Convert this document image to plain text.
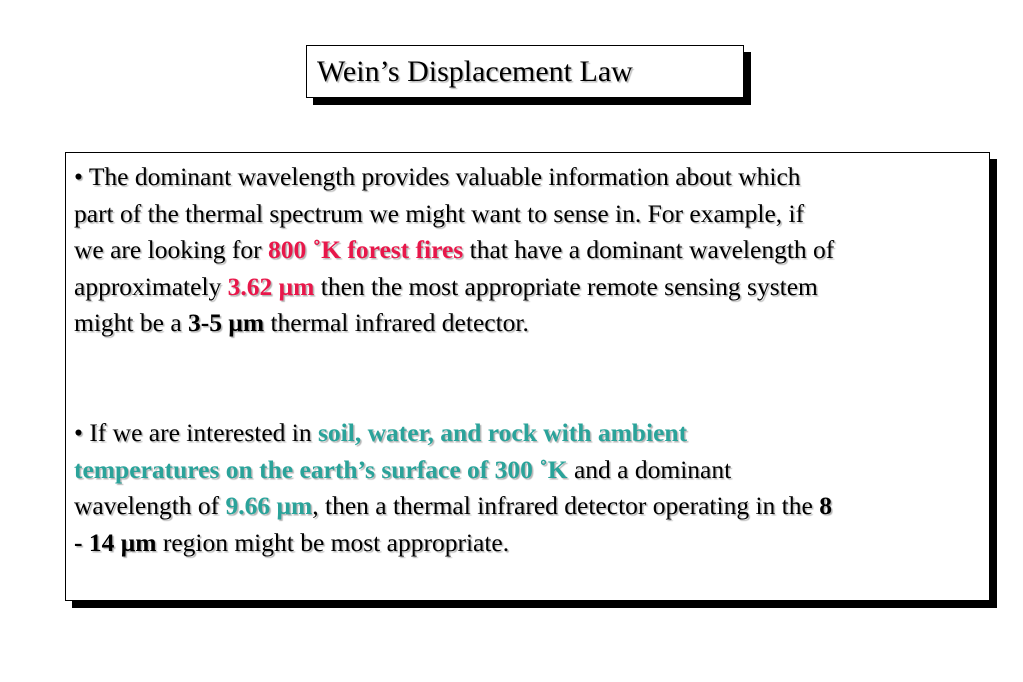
Wein’s Displacement Law
• The dominant wavelength provides valuable information about which
part of the thermal spectrum we might want to sense in. For example, if
we are looking for 800 ˚K forest fires that have a dominant wavelength of
approximately 3.62 μm then the most appropriate remote sensing system
might be a 3-5 μm thermal infrared detector.
• If we are interested in soil, water, and rock with ambient
temperatures on the earth’s surface of 300 ˚K and a dominant
wavelength of 9.66 μm, then a thermal infrared detector operating in the 8
- 14 μm region might be most appropriate.
